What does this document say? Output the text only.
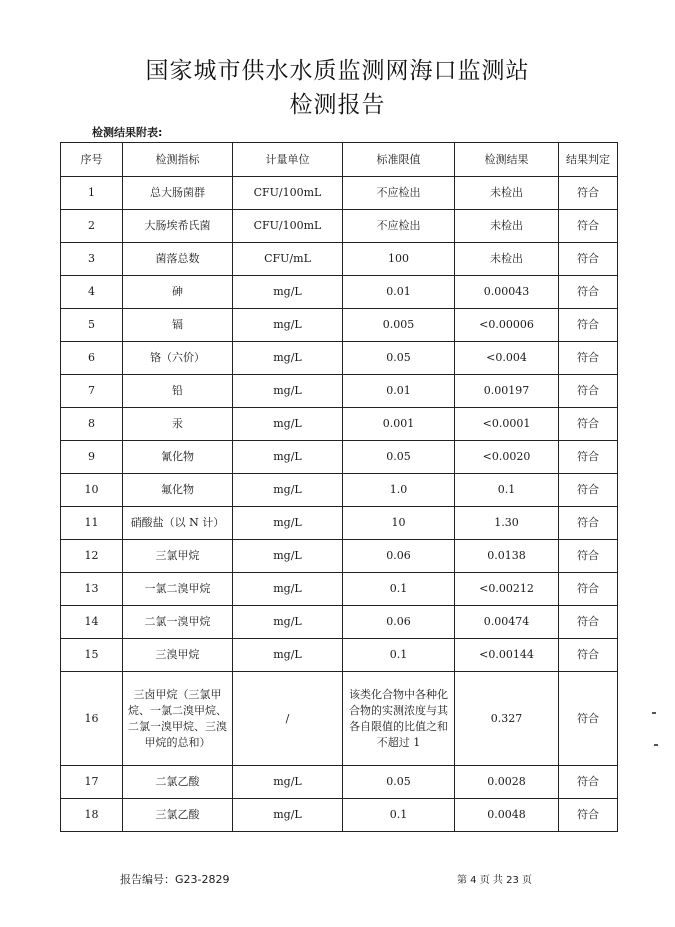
国家城市供水水质监测网海口监测站
检测报告
检测结果附表:
序号	检测指标	计量单位	标准限值	检测结果	结果判定
1	总大肠菌群	CFU/100mL	不应检出	未检出	符合
2	大肠埃希氏菌	CFU/100mL	不应检出	未检出	符合
3	菌落总数	CFU/mL	100	未检出	符合
4	砷	mg/L	0.01	0.00043	符合
5	镉	mg/L	0.005	<0.00006	符合
6	铬（六价）	mg/L	0.05	<0.004	符合
7	铅	mg/L	0.01	0.00197	符合
8	汞	mg/L	0.001	<0.0001	符合
9	氰化物	mg/L	0.05	<0.0020	符合
10	氟化物	mg/L	1.0	0.1	符合
11	硝酸盐（以 N 计）	mg/L	10	1.30	符合
12	三氯甲烷	mg/L	0.06	0.0138	符合
13	一氯二溴甲烷	mg/L	0.1	<0.00212	符合
14	二氯一溴甲烷	mg/L	0.06	0.00474	符合
15	三溴甲烷	mg/L	0.1	<0.00144	符合
16	三卤甲烷（三氯甲烷、一氯二溴甲烷、二氯一溴甲烷、三溴甲烷的总和）	/	该类化合物中各种化合物的实测浓度与其各自限值的比值之和不超过 1	0.327	符合
17	二氯乙酸	mg/L	0.05	0.0028	符合
18	三氯乙酸	mg/L	0.1	0.0048	符合
报告编号：G23-2829	第 4 页 共 23 页
